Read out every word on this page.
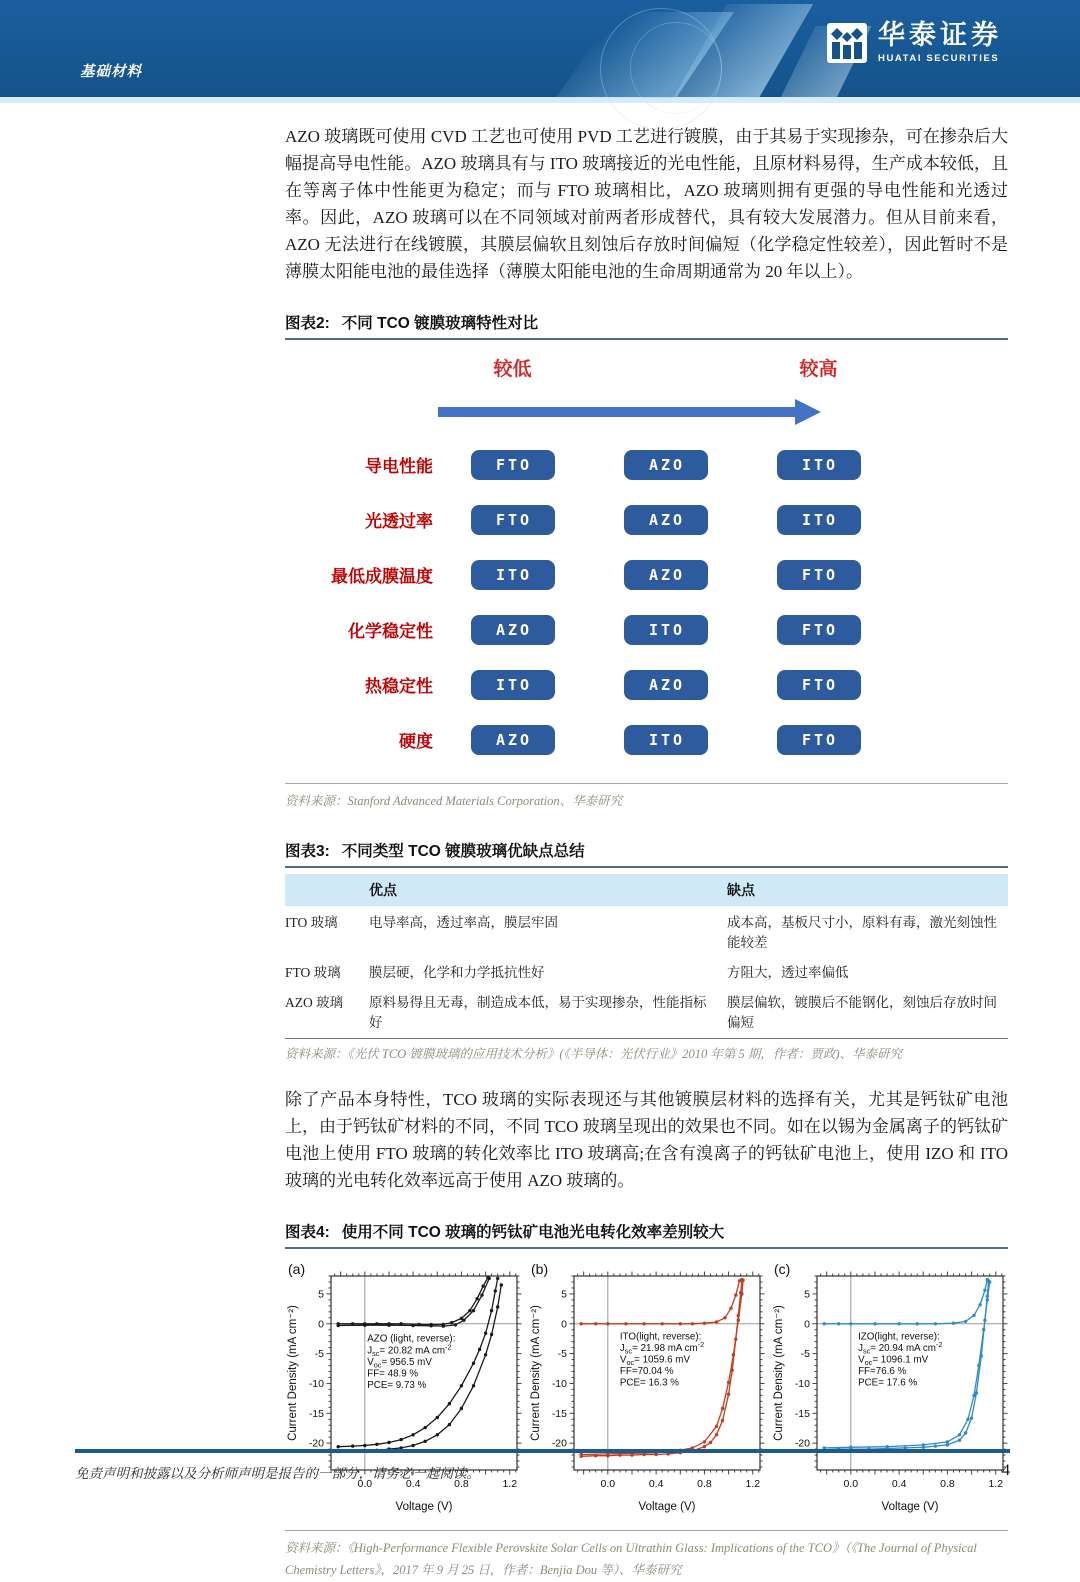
基础材料
华泰证券
HUATAI SECURITIES

AZO 玻璃既可使用 CVD 工艺也可使用 PVD 工艺进行镀膜，由于其易于实现掺杂，可在掺杂后大幅提高导电性能。AZO 玻璃具有与 ITO 玻璃接近的光电性能，且原材料易得，生产成本较低，且在等离子体中性能更为稳定；而与 FTO 玻璃相比，AZO 玻璃则拥有更强的导电性能和光透过率。因此，AZO 玻璃可以在不同领域对前两者形成替代，具有较大发展潜力。但从目前来看，AZO 无法进行在线镀膜，其膜层偏软且刻蚀后存放时间偏短（化学稳定性较差），因此暂时不是薄膜太阳能电池的最佳选择（薄膜太阳能电池的生命周期通常为 20 年以上）。

图表2: 不同 TCO 镀膜玻璃特性对比
较低	较高
导电性能	FTO	AZO	ITO
光透过率	FTO	AZO	ITO
最低成膜温度	ITO	AZO	FTO
化学稳定性	AZO	ITO	FTO
热稳定性	ITO	AZO	FTO
硬度	AZO	ITO	FTO
资料来源：Stanford Advanced Materials Corporation、华泰研究
图表3: 不同类型 TCO 镀膜玻璃优缺点总结
	优点	缺点
ITO 玻璃	电导率高，透过率高，膜层牢固	成本高，基板尺寸小，原料有毒，激光刻蚀性能较差
FTO 玻璃	膜层硬，化学和力学抵抗性好	方阻大，透过率偏低
AZO 玻璃	原料易得且无毒，制造成本低，易于实现掺杂，性能指标好	膜层偏软，镀膜后不能钢化，刻蚀后存放时间偏短
资料来源：《光伏 TCO 镀膜玻璃的应用技术分析》(《半导体：光伏行业》2010 年第 5 期，作者：贾政)、华泰研究

除了产品本身特性，TCO 玻璃的实际表现还与其他镀膜层材料的选择有关，尤其是钙钛矿电池上，由于钙钛矿材料的不同，不同 TCO 玻璃呈现出的效果也不同。如在以锡为金属离子的钙钛矿电池上使用 FTO 玻璃的转化效率比 ITO 玻璃高;在含有溴离子的钙钛矿电池上，使用 IZO 和 ITO 玻璃的光电转化效率远高于使用 AZO 玻璃的。

图表4: 使用不同 TCO 玻璃的钙钛矿电池光电转化效率差别较大
(a)
0.0	0.4	0.8	1.2
5
0
-5
-10
-15
-20
AZO (light, reverse):
$J_{sc}= 20.82$ mA $cm^{-2}$
$V_{oc}= 956.5$ mV
FF= 48.9 %
PCE= 9.73 %
Voltage (V)
Current Density (mA cm⁻²)
(b)
0.0	0.4	0.8	1.2
5
0
-5
-10
-15
-20
ITO(light, reverse):
$J_{sc}= 21.98$ mA $cm^{-2}$
$V_{oc}= 1059.6$ mV
FF=70.04 %
PCE= 16.3 %
Voltage (V)
Current Density (mA cm⁻²)
(c)
0.0	0.4	0.8	1.2
5
0
-5
-10
-15
-20
IZO(light, reverse):
$J_{sc}= 20.94$ mA $cm^{-2}$
$V_{oc}= 1096.1$ mV
FF=76.6 %
PCE= 17.6 %
Voltage (V)
Current Density (mA cm⁻²)
资料来源：《High-Performance Flexible Perovskite Solar Cells on Ultrathin Glass: Implications of the TCO》（《The Journal of Physical Chemistry Letters》，2017 年 9 月 25 日，作者：Benjia Dou 等）、华泰研究
免责声明和披露以及分析师声明是报告的一部分，请务必一起阅读。	4
